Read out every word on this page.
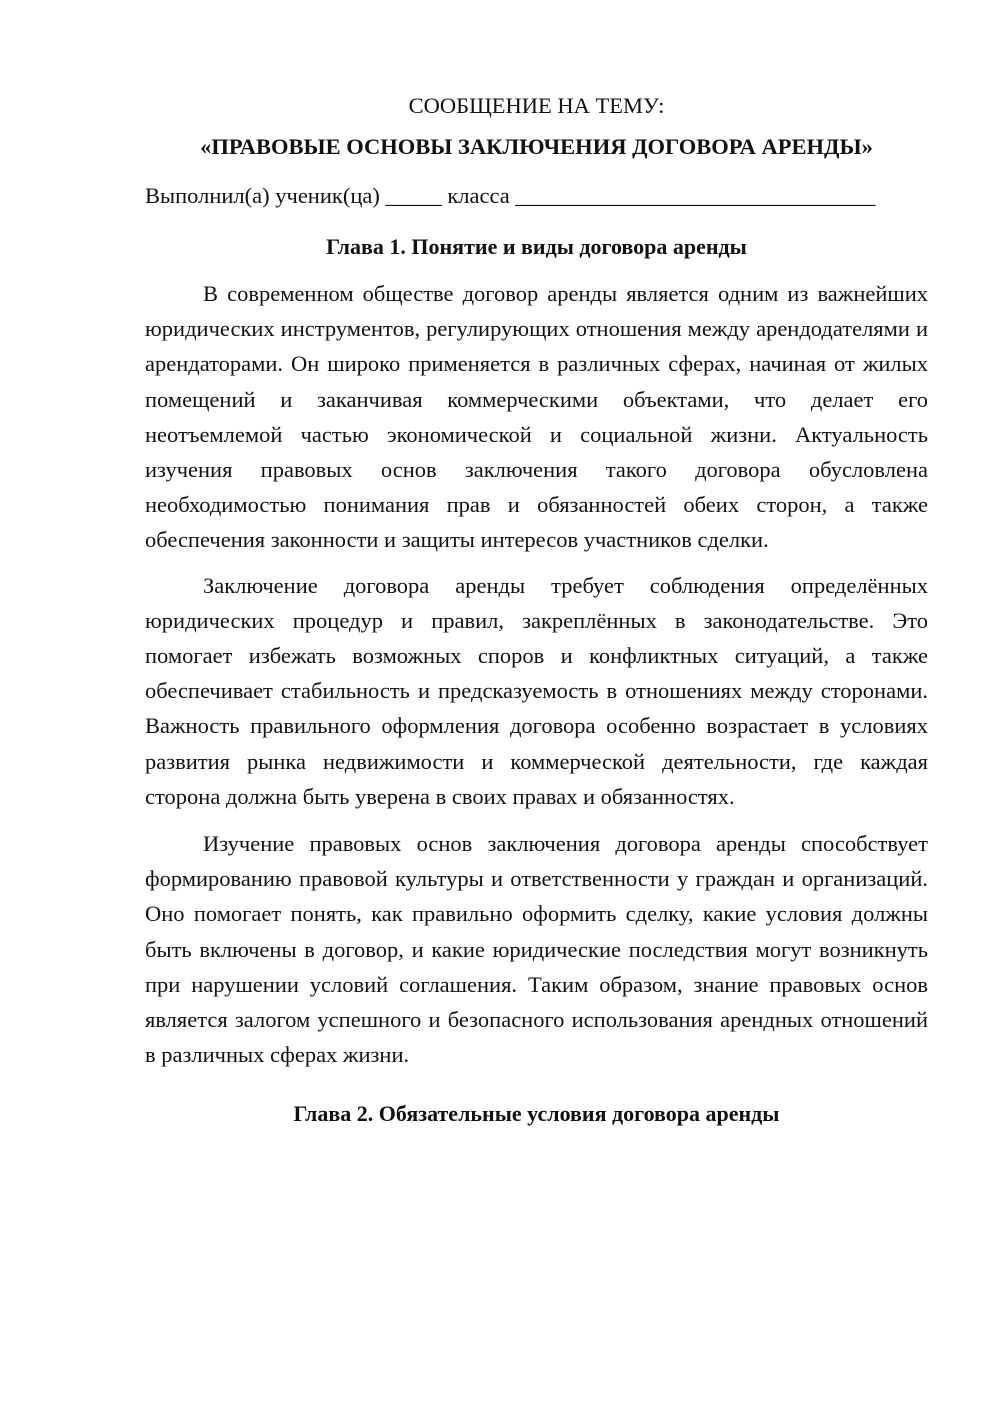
СООБЩЕНИЕ НА ТЕМУ:

«ПРАВОВЫЕ ОСНОВЫ ЗАКЛЮЧЕНИЯ ДОГОВОРА АРЕНДЫ»

Выполнил(а) ученик(ца) _____ класса ________________________________

Глава 1. Понятие и виды договора аренды

В современном обществе договор аренды является одним из важнейших юридических инструментов, регулирующих отношения между арендодателями и арендаторами. Он широко применяется в различных сферах, начиная от жилых помещений и заканчивая коммерческими объектами, что делает его неотъемлемой частью экономической и социальной жизни. Актуальность изучения правовых основ заключения такого договора обусловлена необходимостью понимания прав и обязанностей обеих сторон, а также обеспечения законности и защиты интересов участников сделки.

Заключение договора аренды требует соблюдения определённых юридических процедур и правил, закреплённых в законодательстве. Это помогает избежать возможных споров и конфликтных ситуаций, а также обеспечивает стабильность и предсказуемость в отношениях между сторонами. Важность правильного оформления договора особенно возрастает в условиях развития рынка недвижимости и коммерческой деятельности, где каждая сторона должна быть уверена в своих правах и обязанностях.

Изучение правовых основ заключения договора аренды способствует формированию правовой культуры и ответственности у граждан и организаций. Оно помогает понять, как правильно оформить сделку, какие условия должны быть включены в договор, и какие юридические последствия могут возникнуть при нарушении условий соглашения. Таким образом, знание правовых основ является залогом успешного и безопасного использования арендных отношений в различных сферах жизни.

Глава 2. Обязательные условия договора аренды
